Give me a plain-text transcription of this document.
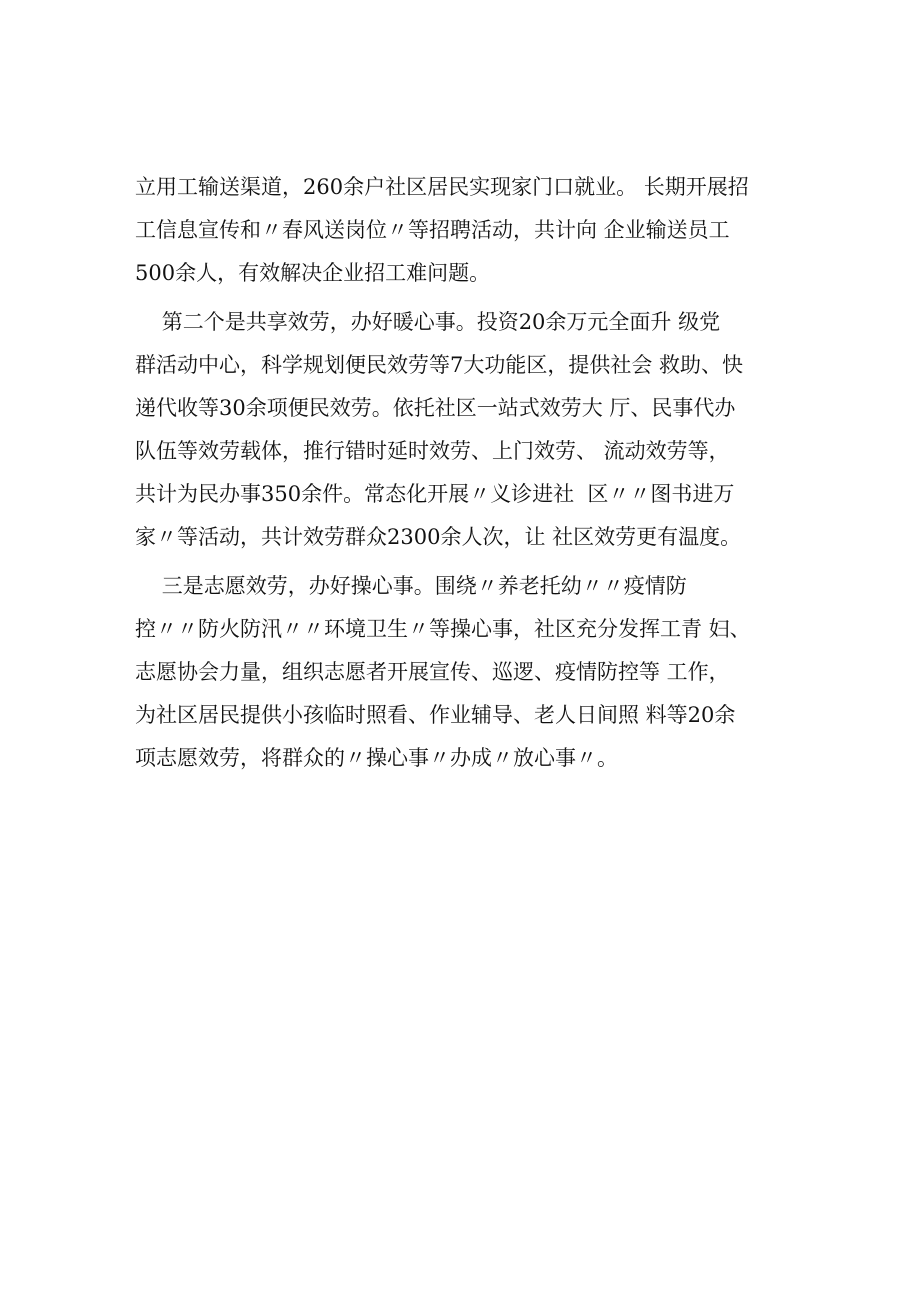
立用工输送渠道，260余户社区居民实现家门口就业。 长期开展招
工信息宣传和〃春风送岗位〃等招聘活动，共计向 企业输送员工
500余人，有效解决企业招工难问题。
第二个是共享效劳，办好暖心事。投资20余万元全面升 级党
群活动中心，科学规划便民效劳等7大功能区，提供社会 救助、快
递代收等30余项便民效劳。依托社区一站式效劳大 厅、民事代办
队伍等效劳载体，推行错时延时效劳、上门效劳、 流动效劳等，
共计为民办事350余件。常态化开展〃义诊进社  区〃〃图书进万
家〃等活动，共计效劳群众2300余人次，让 社区效劳更有温度。
三是志愿效劳，办好操心事。围绕〃养老托幼〃〃疫情防
控〃〃防火防汛〃〃环境卫生〃等操心事，社区充分发挥工青 妇、
志愿协会力量，组织志愿者开展宣传、巡逻、疫情防控等 工作，
为社区居民提供小孩临时照看、作业辅导、老人日间照 料等20余
项志愿效劳，将群众的〃操心事〃办成〃放心事〃。
